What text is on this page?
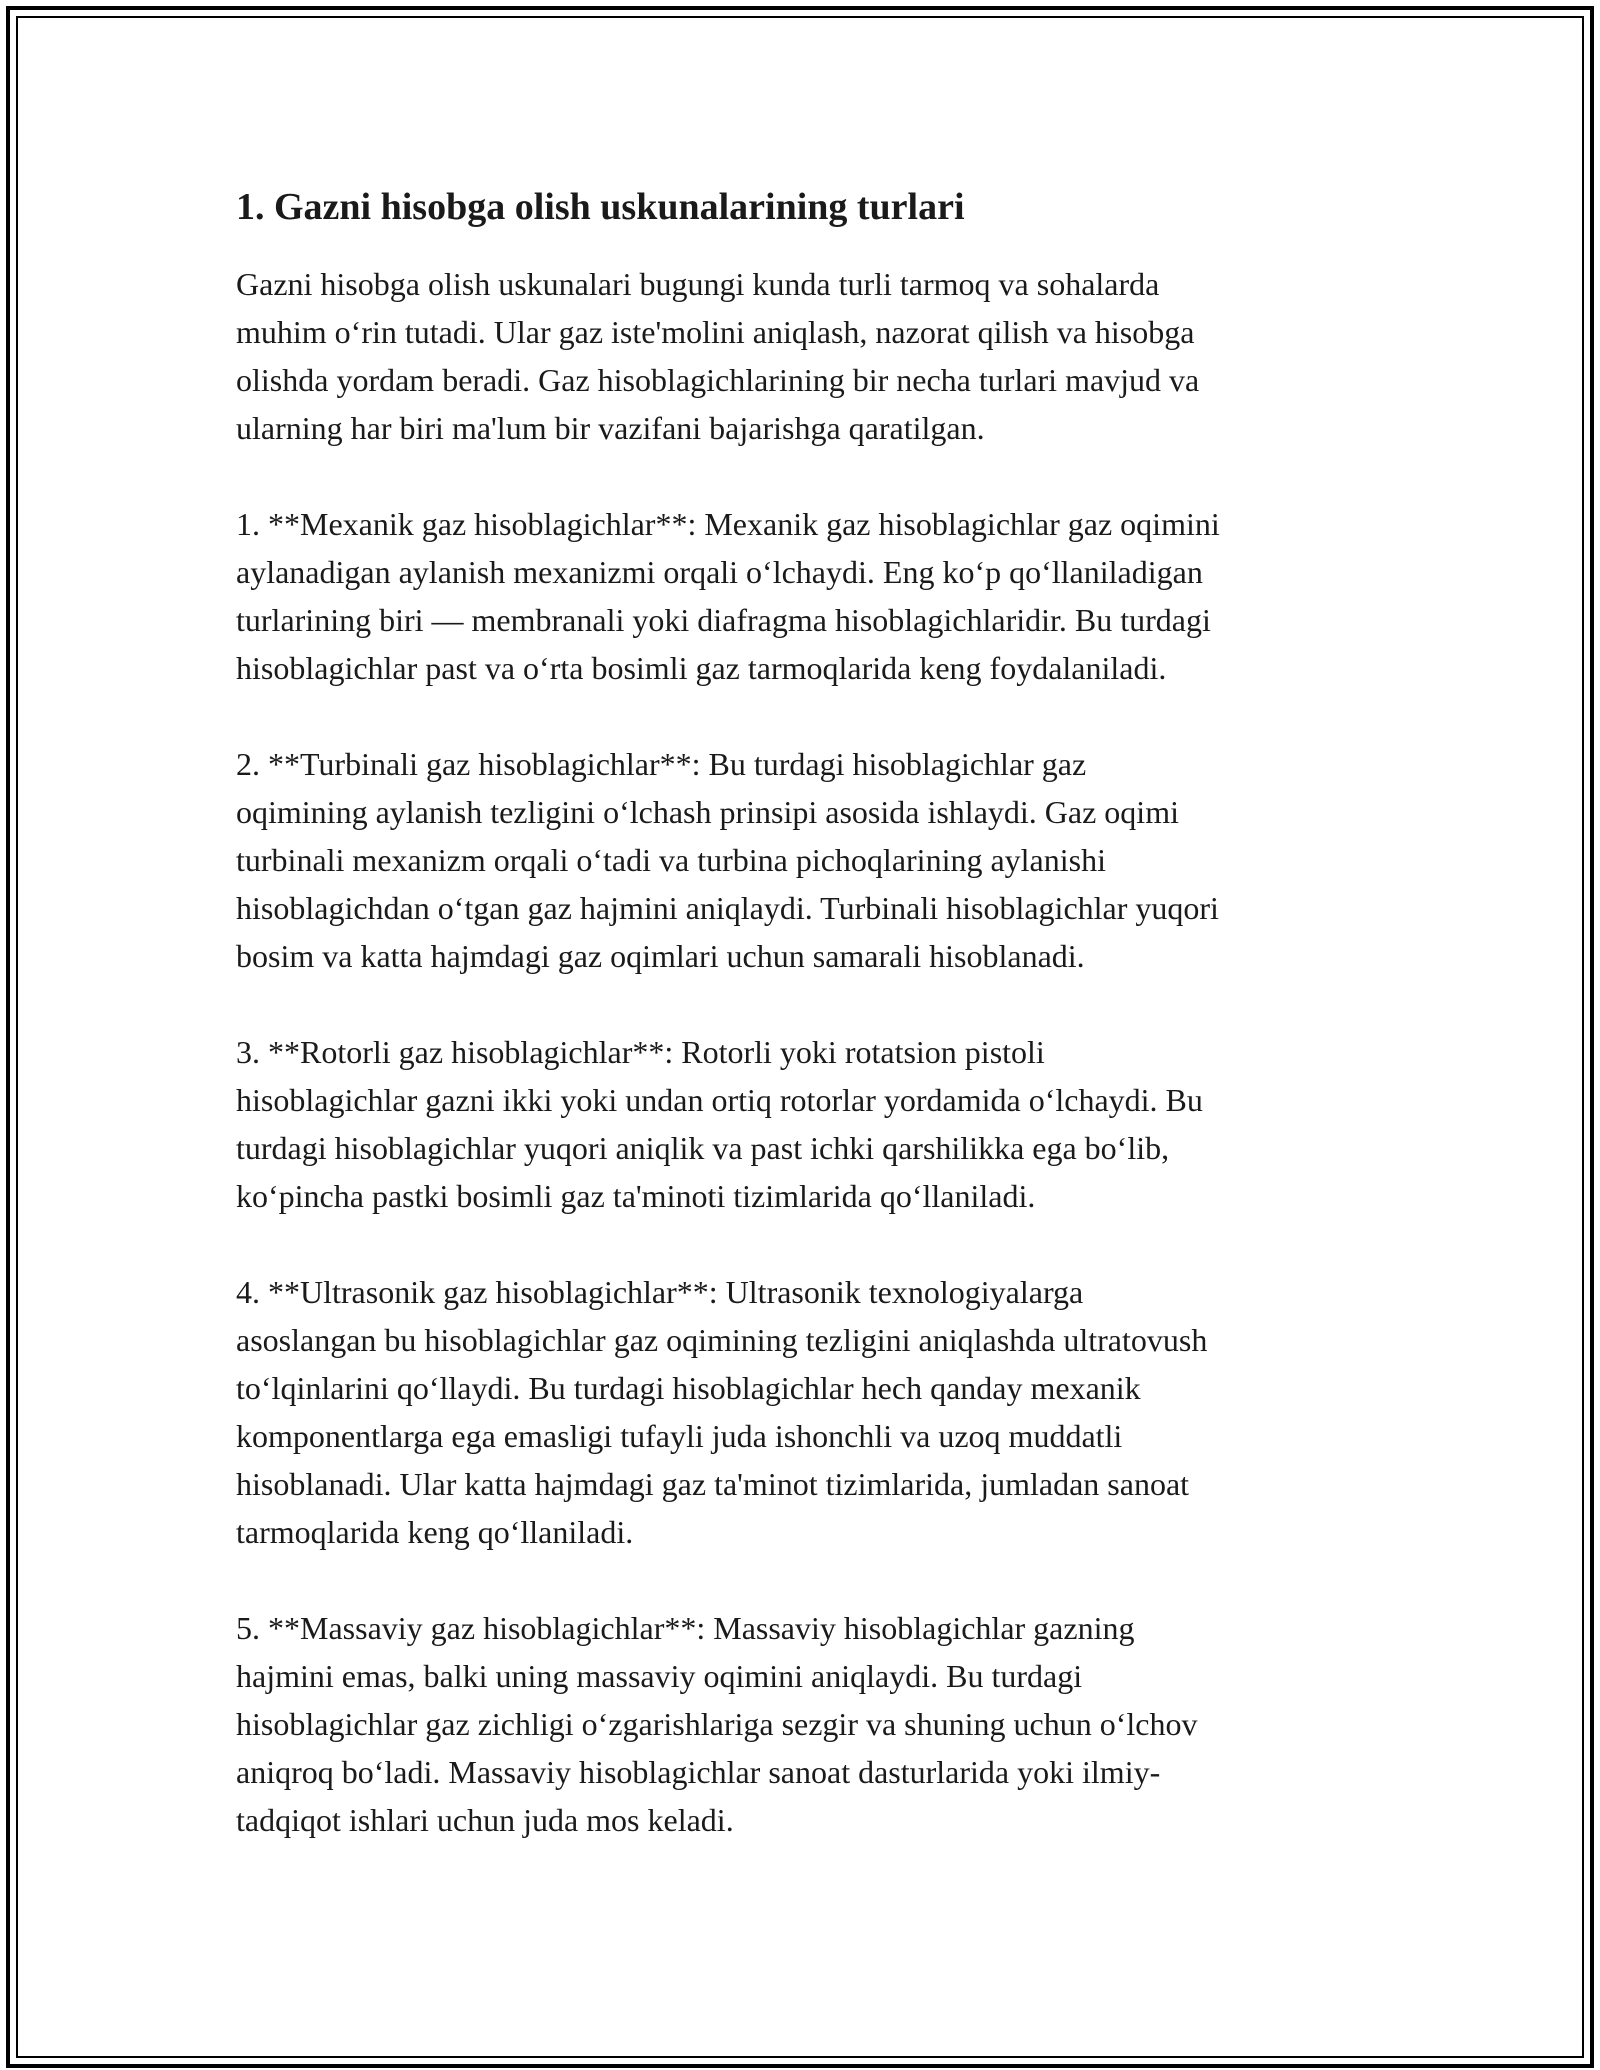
1. Gazni hisobga olish uskunalarining turlari

Gazni hisobga olish uskunalari bugungi kunda turli tarmoq va sohalarda
muhim o‘rin tutadi. Ular gaz iste'molini aniqlash, nazorat qilish va hisobga
olishda yordam beradi. Gaz hisoblagichlarining bir necha turlari mavjud va
ularning har biri ma'lum bir vazifani bajarishga qaratilgan.

1. **Mexanik gaz hisoblagichlar**: Mexanik gaz hisoblagichlar gaz oqimini
aylanadigan aylanish mexanizmi orqali o‘lchaydi. Eng ko‘p qo‘llaniladigan
turlarining biri — membranali yoki diafragma hisoblagichlaridir. Bu turdagi
hisoblagichlar past va o‘rta bosimli gaz tarmoqlarida keng foydalaniladi.

2. **Turbinali gaz hisoblagichlar**: Bu turdagi hisoblagichlar gaz
oqimining aylanish tezligini o‘lchash prinsipi asosida ishlaydi. Gaz oqimi
turbinali mexanizm orqali o‘tadi va turbina pichoqlarining aylanishi
hisoblagichdan o‘tgan gaz hajmini aniqlaydi. Turbinali hisoblagichlar yuqori
bosim va katta hajmdagi gaz oqimlari uchun samarali hisoblanadi.

3. **Rotorli gaz hisoblagichlar**: Rotorli yoki rotatsion pistoli
hisoblagichlar gazni ikki yoki undan ortiq rotorlar yordamida o‘lchaydi. Bu
turdagi hisoblagichlar yuqori aniqlik va past ichki qarshilikka ega bo‘lib,
ko‘pincha pastki bosimli gaz ta'minoti tizimlarida qo‘llaniladi.

4. **Ultrasonik gaz hisoblagichlar**: Ultrasonik texnologiyalarga
asoslangan bu hisoblagichlar gaz oqimining tezligini aniqlashda ultratovush
to‘lqinlarini qo‘llaydi. Bu turdagi hisoblagichlar hech qanday mexanik
komponentlarga ega emasligi tufayli juda ishonchli va uzoq muddatli
hisoblanadi. Ular katta hajmdagi gaz ta'minot tizimlarida, jumladan sanoat
tarmoqlarida keng qo‘llaniladi.

5. **Massaviy gaz hisoblagichlar**: Massaviy hisoblagichlar gazning
hajmini emas, balki uning massaviy oqimini aniqlaydi. Bu turdagi
hisoblagichlar gaz zichligi o‘zgarishlariga sezgir va shuning uchun o‘lchov
aniqroq bo‘ladi. Massaviy hisoblagichlar sanoat dasturlarida yoki ilmiy-
tadqiqot ishlari uchun juda mos keladi.
